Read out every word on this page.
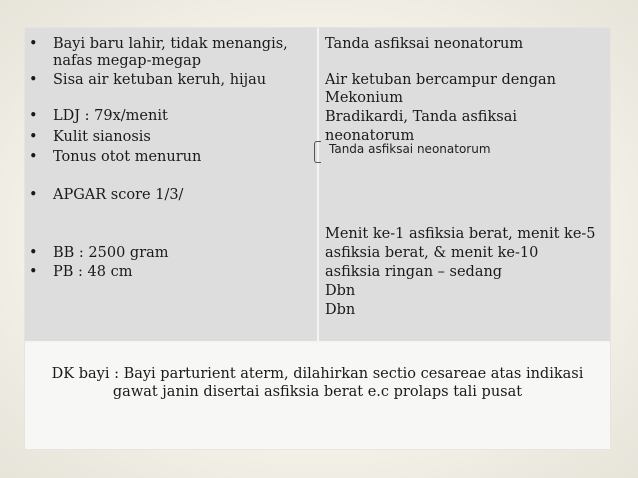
• Bayi baru lahir, tidak menangis,
nafas megap-megap
• Sisa air ketuban keruh, hijau
• LDJ : 79x/menit
• Kulit sianosis
• Tonus otot menurun
• APGAR score 1/3/
• BB : 2500 gram
• PB : 48 cm
Tanda asfiksai neonatorum
Air ketuban bercampur dengan
Mekonium
Bradikardi, Tanda asfiksai
neonatorum
Menit ke-1 asfiksia berat, menit ke-5
asfiksia berat, & menit ke-10
asfiksia ringan – sedang
Dbn
Dbn
Tanda asfiksai neonatorum
DK bayi : Bayi parturient aterm, dilahirkan sectio cesareae atas indikasi
gawat janin disertai asfiksia berat e.c prolaps tali pusat
